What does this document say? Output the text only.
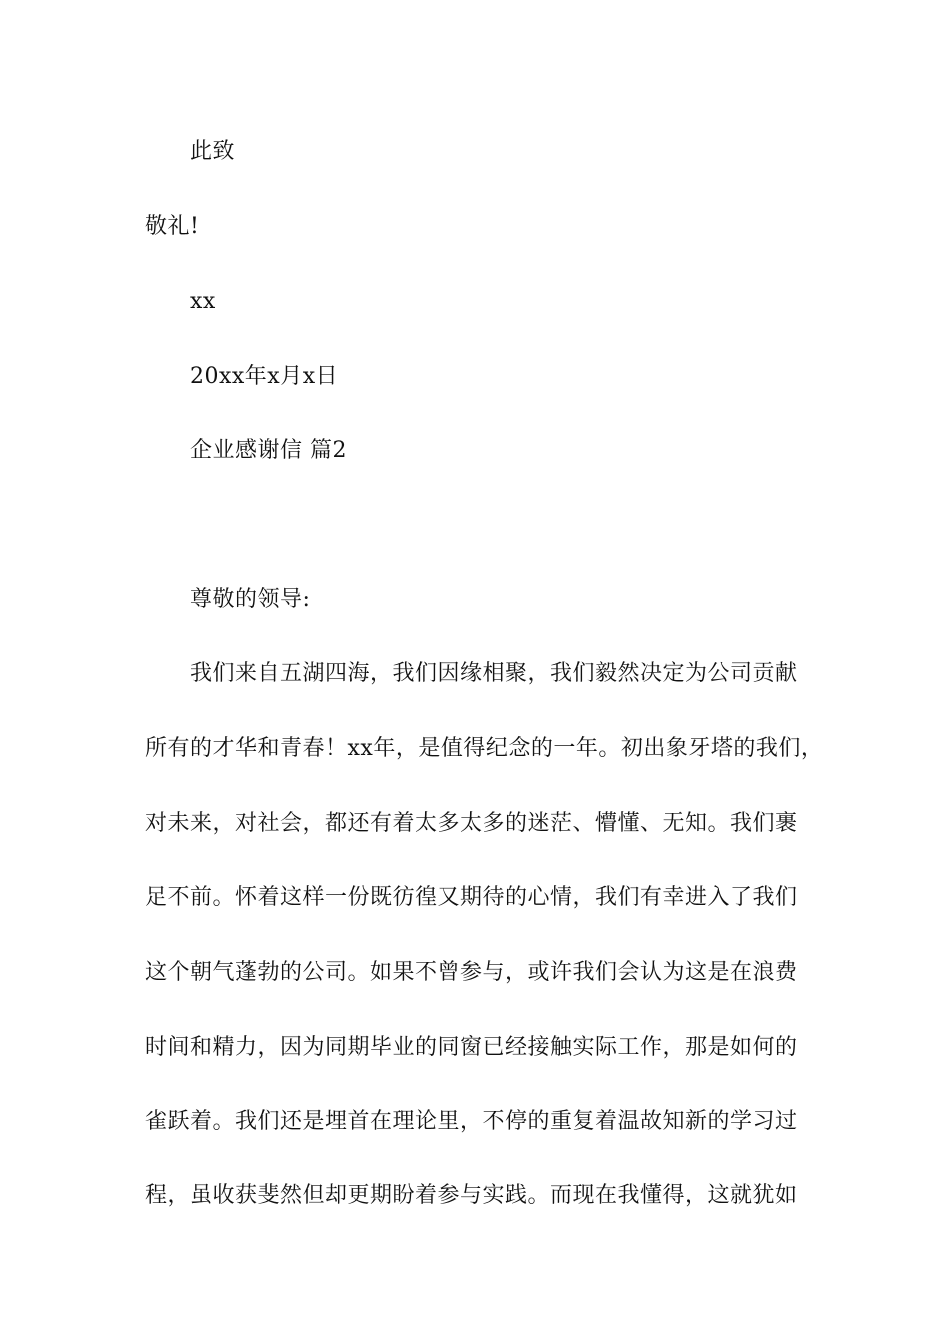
此致
敬礼!
xx
20xx年x月x日
企业感谢信 篇2
尊敬的领导:
我们来自五湖四海，我们因缘相聚，我们毅然决定为公司贡献
所有的才华和青春！xx年，是值得纪念的一年。初出象牙塔的我们，
对未来，对社会，都还有着太多太多的迷茫、懵懂、无知。我们裹
足不前。怀着这样一份既彷徨又期待的心情，我们有幸进入了我们
这个朝气蓬勃的公司。如果不曾参与，或许我们会认为这是在浪费
时间和精力，因为同期毕业的同窗已经接触实际工作，那是如何的
雀跃着。我们还是埋首在理论里，不停的重复着温故知新的学习过
程，虽收获斐然但却更期盼着参与实践。而现在我懂得，这就犹如
